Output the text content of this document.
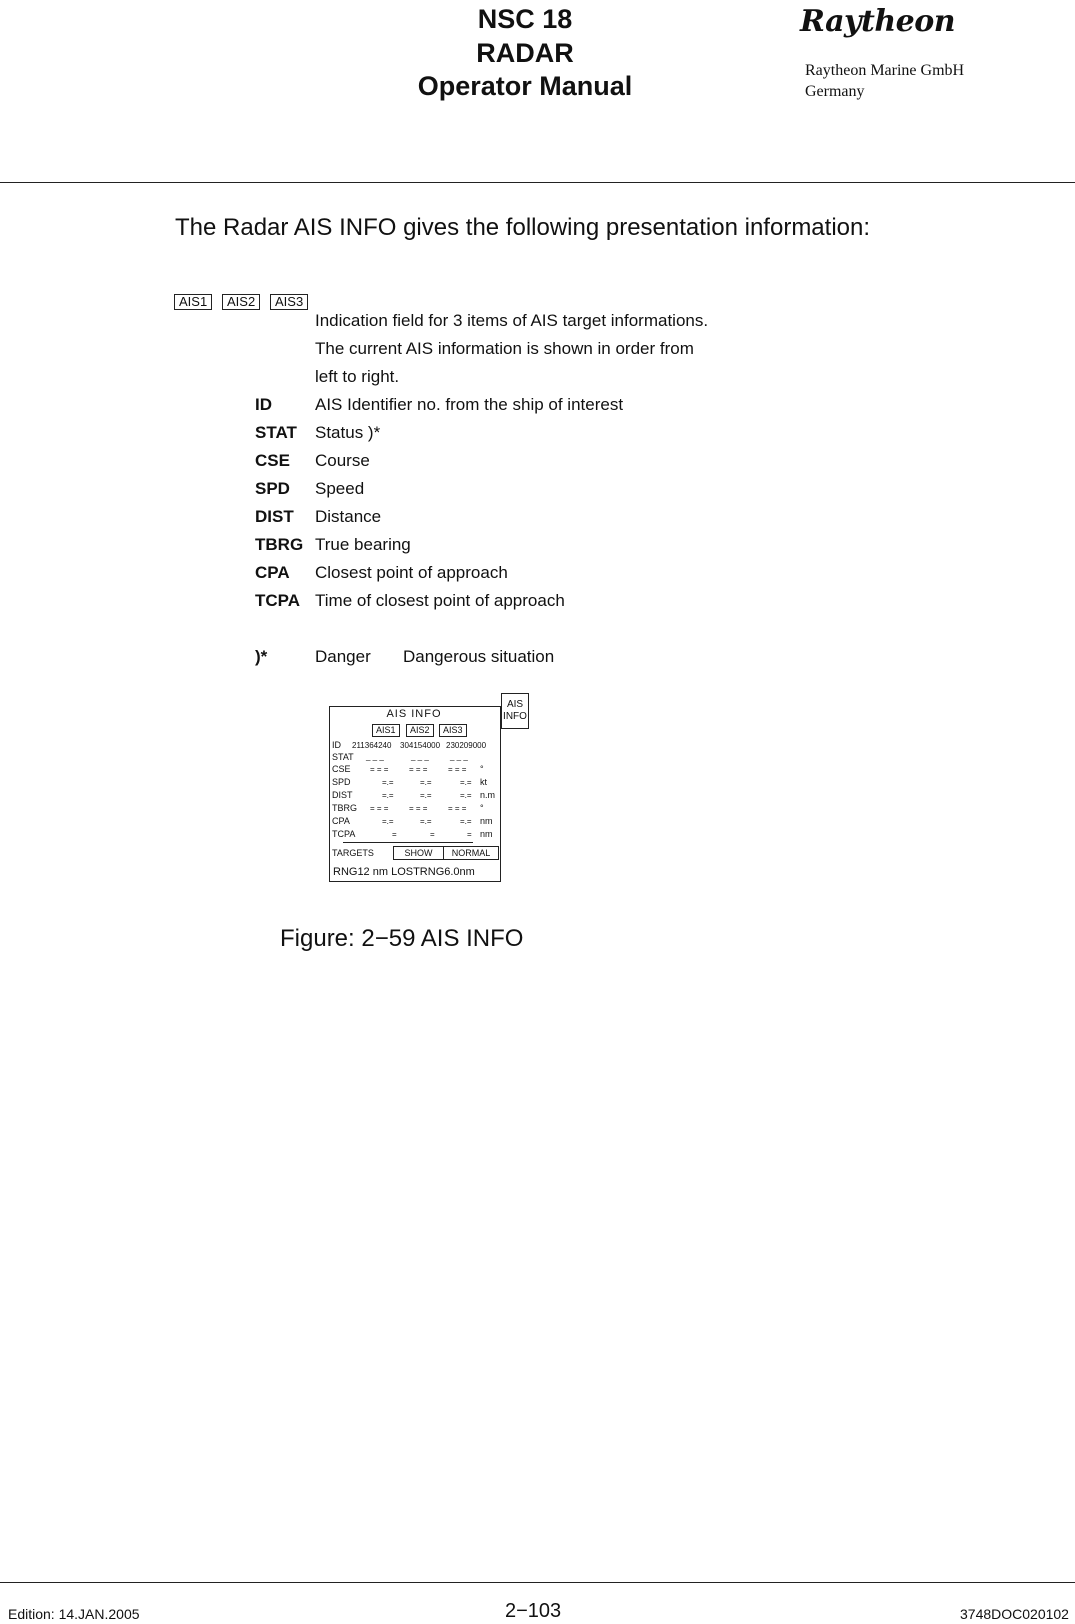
NSC 18
RADAR
Operator Manual
Raytheon
Raytheon Marine GmbH
Germany
The Radar AIS INFO gives the following presentation information:
AIS1	AIS2	AIS3
Indication field for 3 items of AIS target informations.
The current AIS information is shown in order from
left to right.
ID	AIS Identifier no. from the ship of interest
STAT Status )*
CSE Course
SPD Speed
DIST Distance
TBRG True bearing
CPA Closest point of approach
TCPA Time of closest point of approach
)*	Danger Dangerous situation
AIS
INFO
AIS INFO
AIS1	AIS2	AIS3
ID 211364240 304154000 230209000
STAT _ _ _	_ _ _	_ _ _
CSE = = =	= = =	= = = °
SPD	=.=	=.=	=.= kt
DIST	=.=	=.=	=.= n.m
TBRG = = =	= = =	= = = °
CPA	=.=	=.=	=.= nm
TCPA	=	=	= nm
TARGETS	SHOW	NORMAL
RNG12 nm LOSTRNG6.0nm
Figure: 2−59 AIS INFO
Edition: 14.JAN.2005	2−103	3748DOC020102
